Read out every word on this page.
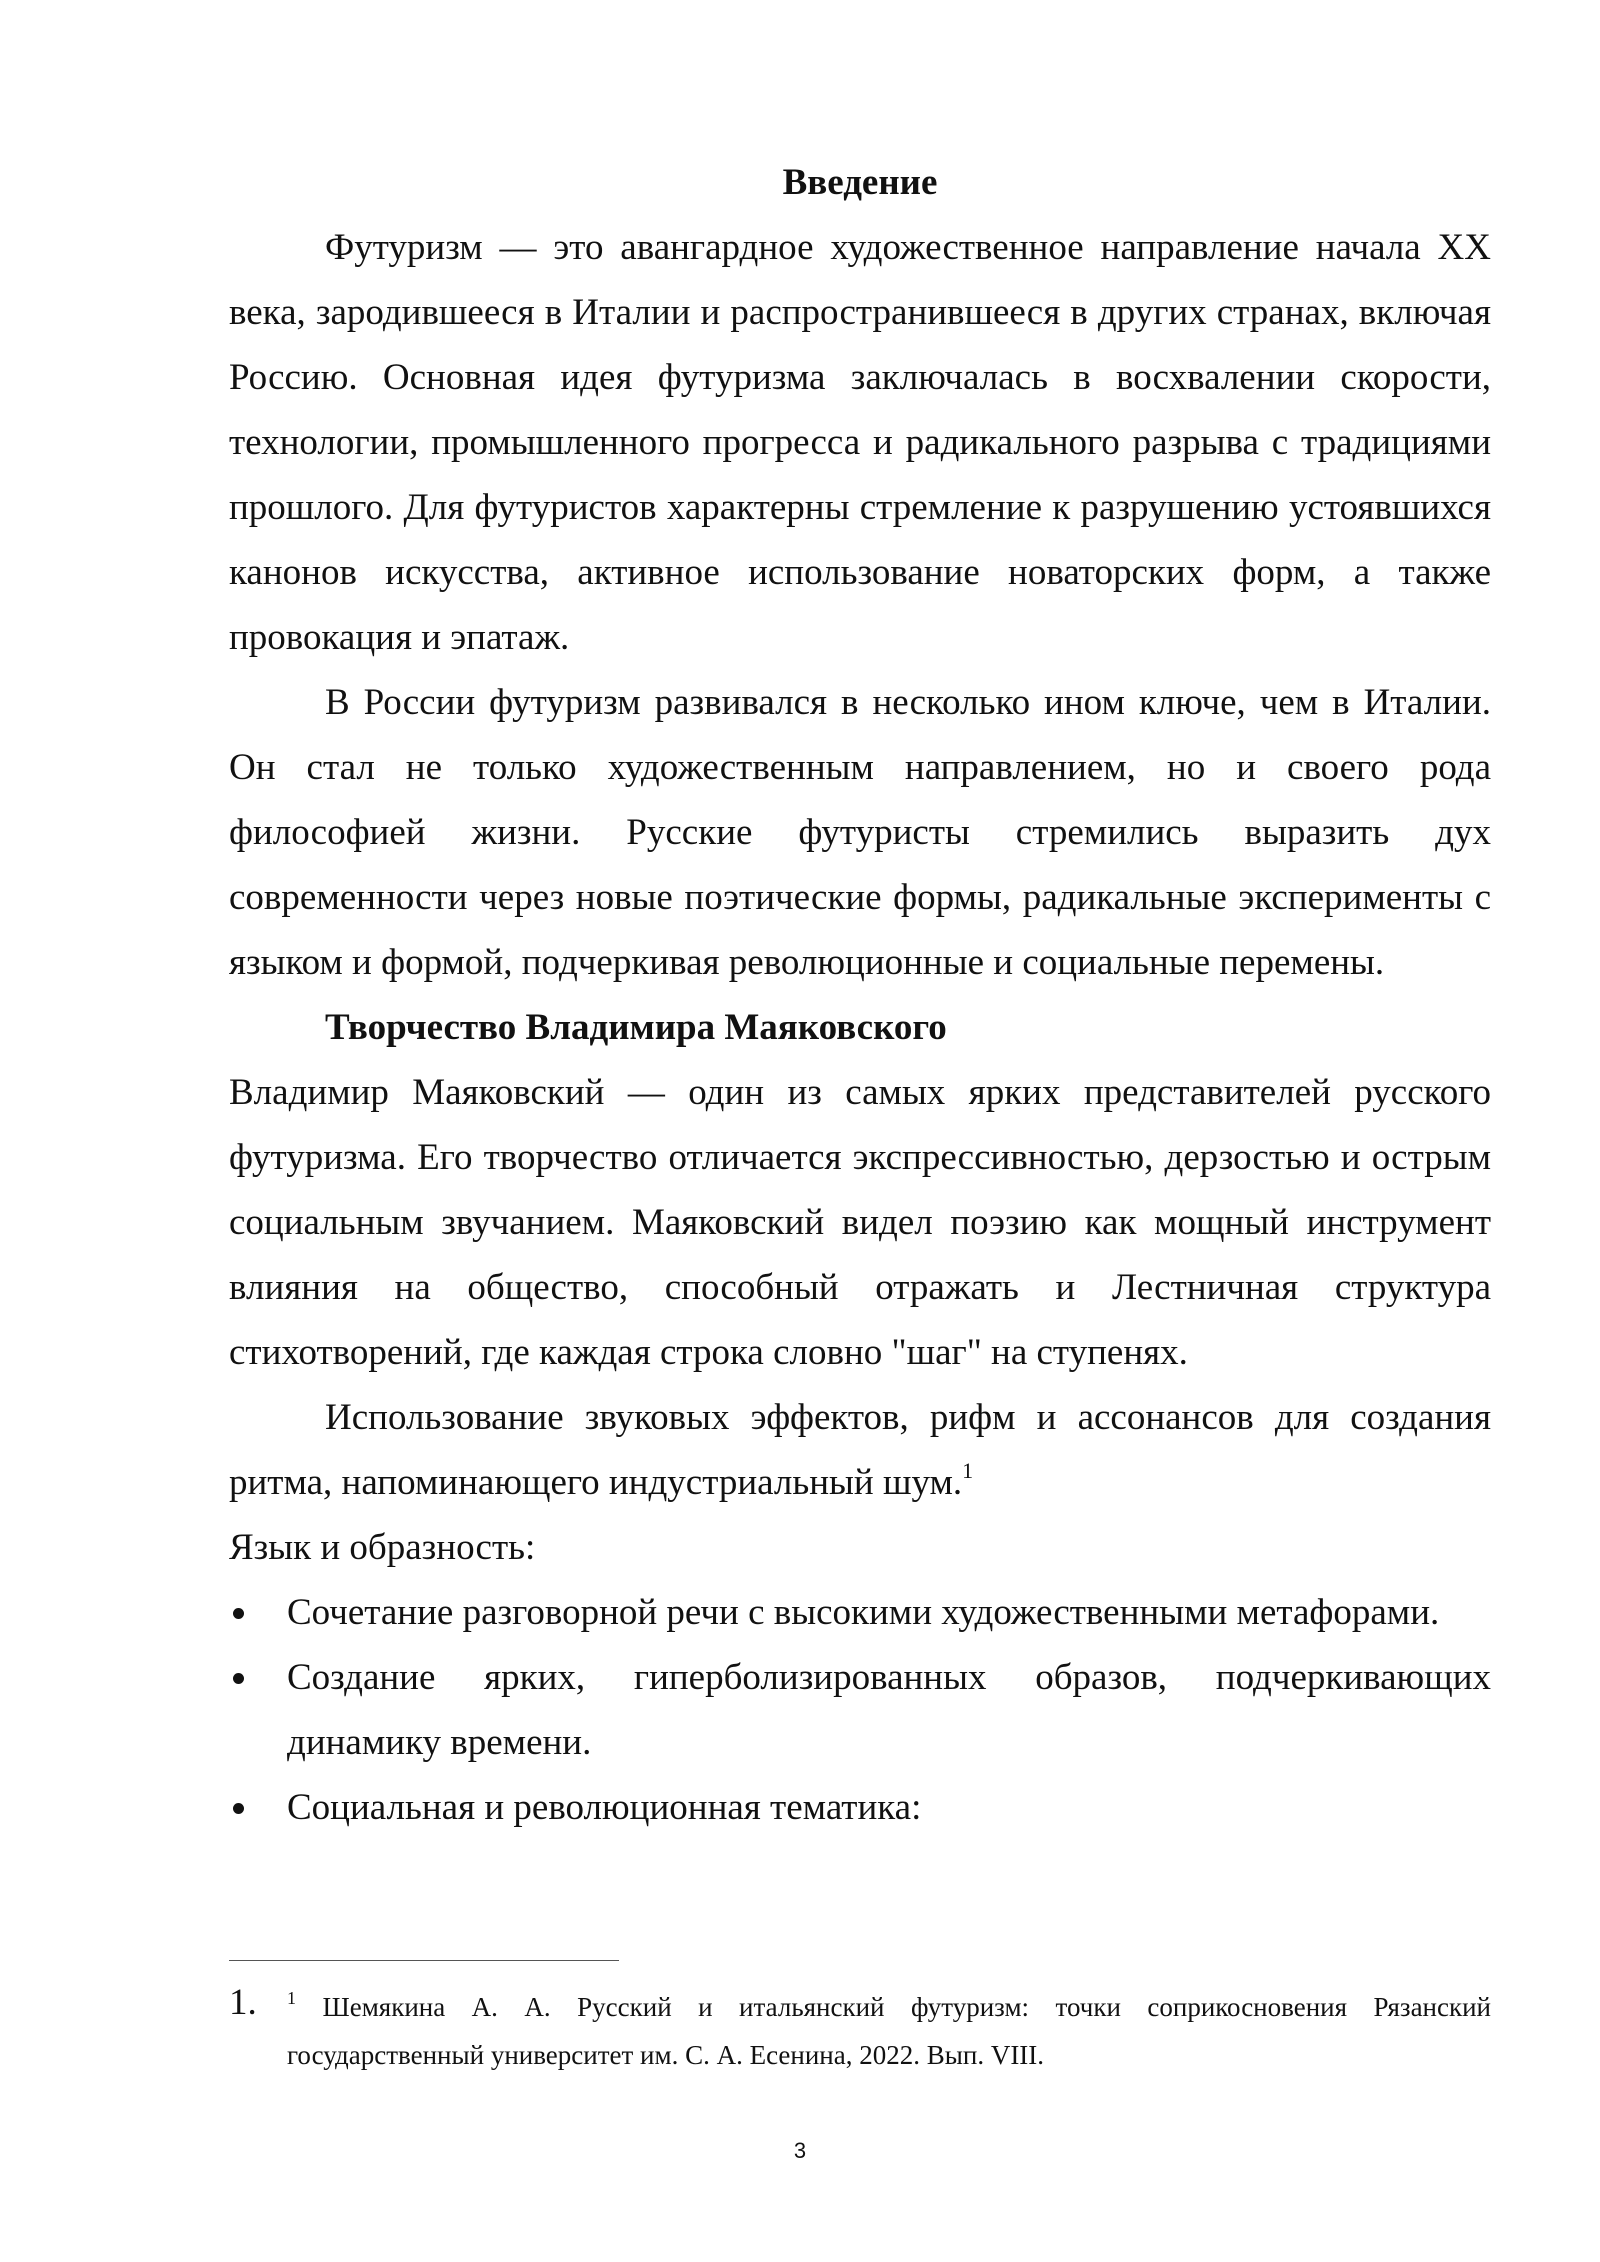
Введение

Футуризм — это авангардное художественное направление начала XX века, зародившееся в Италии и распространившееся в других странах, включая Россию. Основная идея футуризма заключалась в восхвалении скорости, технологии, промышленного прогресса и радикального разрыва с традициями прошлого. Для футуристов характерны стремление к разрушению устоявшихся канонов искусства, активное использование новаторских форм, а также провокация и эпатаж.

В России футуризм развивался в несколько ином ключе, чем в Италии. Он стал не только художественным направлением, но и своего рода философией жизни. Русские футуристы стремились выразить дух современности через новые поэтические формы, радикальные эксперименты с языком и формой, подчеркивая революционные и социальные перемены.

Творчество Владимира Маяковского

Владимир Маяковский — один из самых ярких представителей русского футуризма. Его творчество отличается экспрессивностью, дерзостью и острым социальным звучанием. Маяковский видел поэзию как мощный инструмент влияния на общество, способный отражать и Лестничная структура стихотворений, где каждая строка словно "шаг" на ступенях.

Использование звуковых эффектов, рифм и ассонансов для создания ритма, напоминающего индустриальный шум.$^1$

Язык и образность:

Сочетание разговорной речи с высокими художественными метафорами.
Создание ярких, гиперболизированных образов, подчеркивающих динамику времени.
Социальная и революционная тематика:
1. $^1$ Шемякина А. А. Русский и итальянский футуризм: точки соприкосновения Рязанский государственный университет им. С. А. Есенина, 2022. Вып. VIII.
3
